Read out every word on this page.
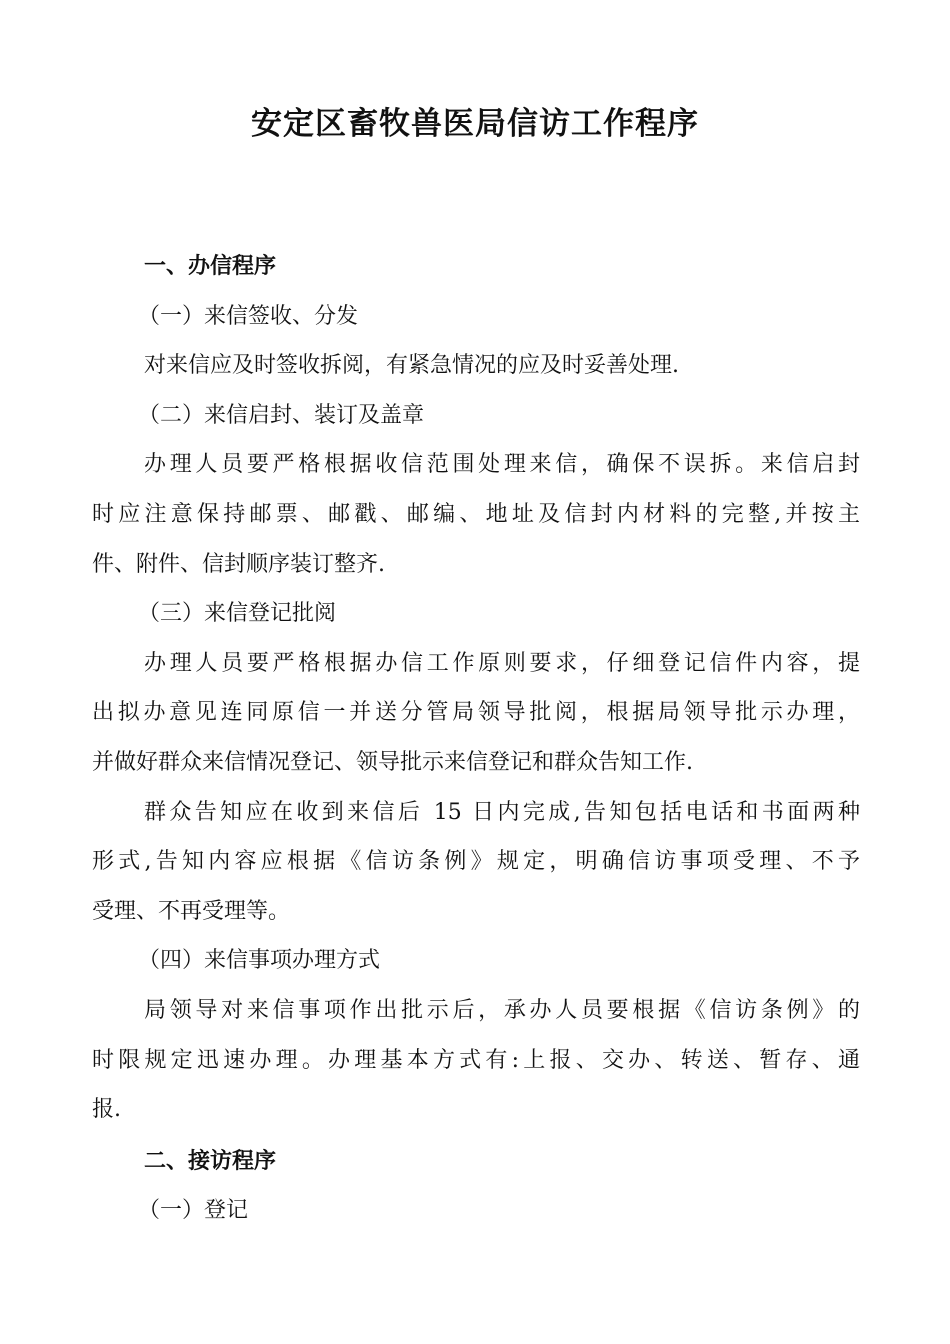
安定区畜牧兽医局信访工作程序
一、办信程序
（一）来信签收、分发
对来信应及时签收拆阅，有紧急情况的应及时妥善处理.
（二）来信启封、装订及盖章
办理人员要严格根据收信范围处理来信，确保不误拆。来信启封
时应注意保持邮票、邮戳、邮编、地址及信封内材料的完整,并按主
件、附件、信封顺序装订整齐.
（三）来信登记批阅
办理人员要严格根据办信工作原则要求，仔细登记信件内容，提
出拟办意见连同原信一并送分管局领导批阅，根据局领导批示办理，
并做好群众来信情况登记、领导批示来信登记和群众告知工作.
群众告知应在收到来信后 15 日内完成,告知包括电话和书面两种
形式,告知内容应根据《信访条例》规定，明确信访事项受理、不予
受理、不再受理等。
（四）来信事项办理方式
局领导对来信事项作出批示后，承办人员要根据《信访条例》的
时限规定迅速办理。办理基本方式有:上报、交办、转送、暂存、通
报.
二、接访程序
（一）登记
